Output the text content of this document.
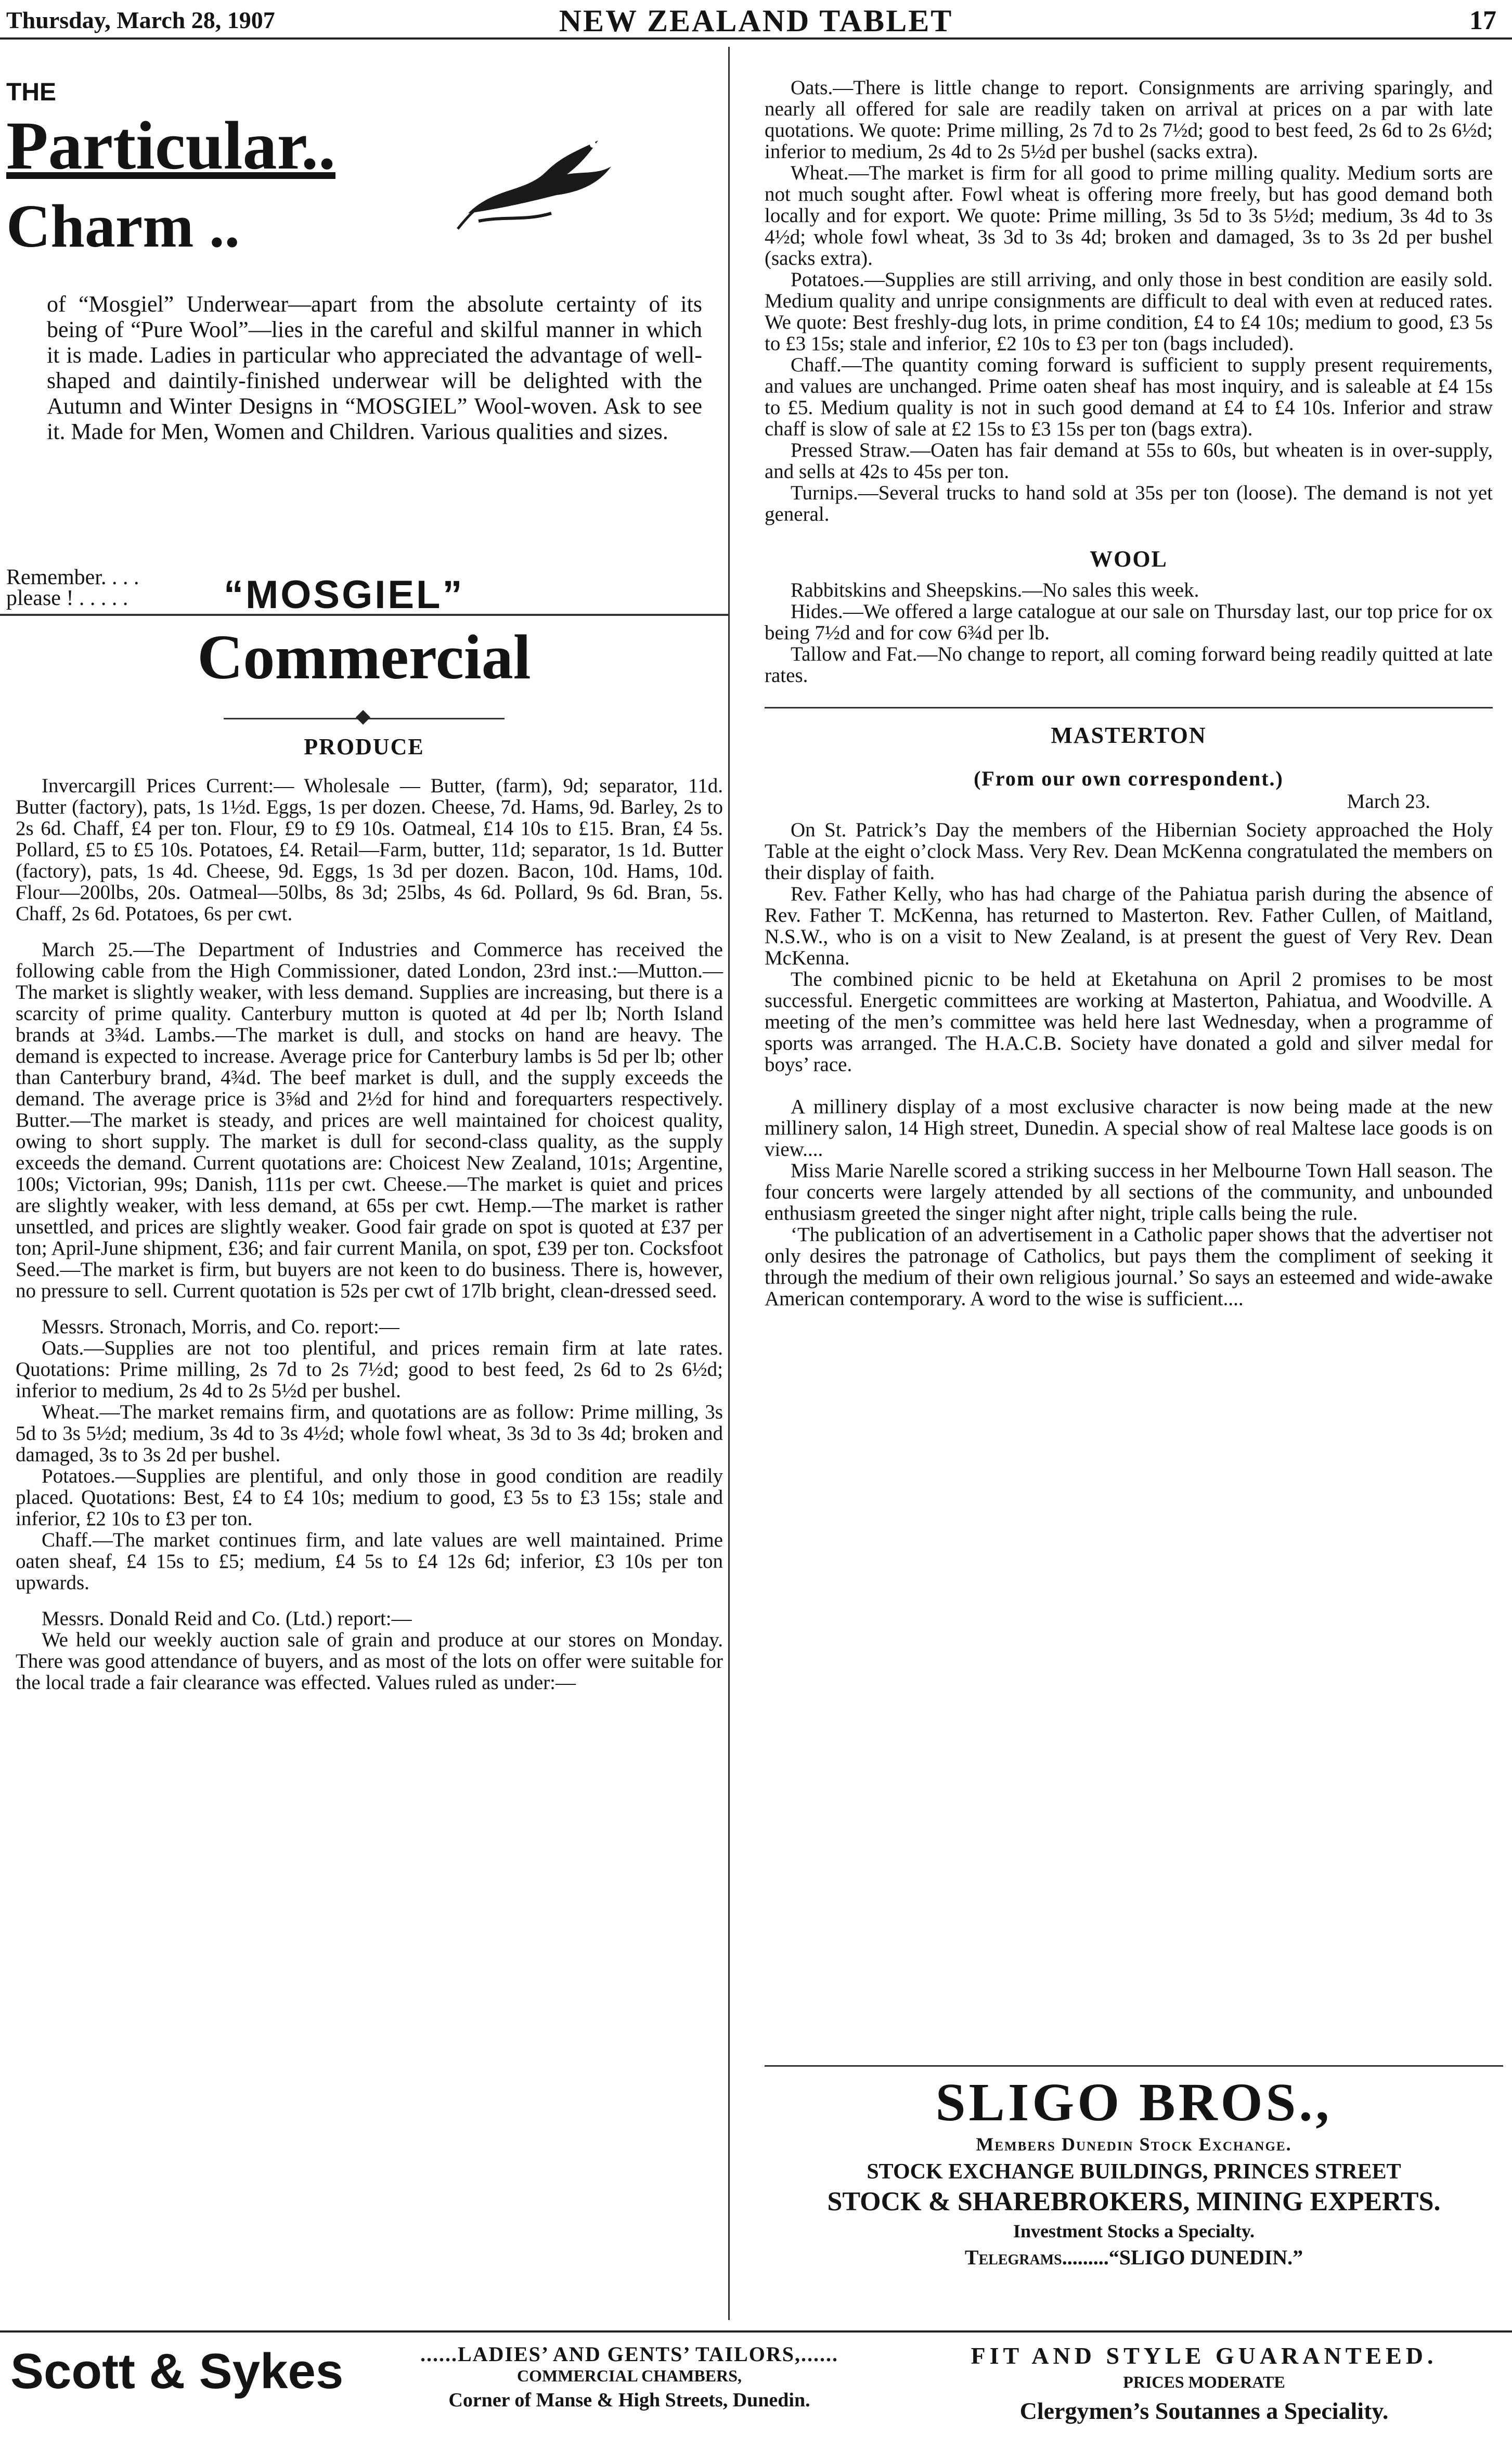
Thursday, March 28, 1907	NEW ZEALAND TABLET	17
THE
Particular..
Charm ..
of “Mosgiel” Underwear—apart from the absolute certainty of its being of “Pure Wool”—lies in the careful and skilful manner in which it is made. Ladies in particular who appreciated the advantage of well-shaped and daintily-finished underwear will be delighted with the Autumn and Winter Designs in “MOSGIEL” Wool-woven. Ask to see it. Made for Men, Women and Children. Various qualities and sizes.
Remember. . . .
please ! . . . . . “MOSGIEL”
Commercial
PRODUCE

Invercargill Prices Current:— Wholesale — Butter, (farm), 9d; separator, 11d. Butter (factory), pats, 1s 1½d. Eggs, 1s per dozen. Cheese, 7d. Hams, 9d. Barley, 2s to 2s 6d. Chaff, £4 per ton. Flour, £9 to £9 10s. Oatmeal, £14 10s to £15. Bran, £4 5s. Pollard, £5 to £5 10s. Potatoes, £4. Retail—Farm, butter, 11d; separator, 1s 1d. Butter (factory), pats, 1s 4d. Cheese, 9d. Eggs, 1s 3d per dozen. Bacon, 10d. Hams, 10d. Flour—200lbs, 20s. Oatmeal—50lbs, 8s 3d; 25lbs, 4s 6d. Pollard, 9s 6d. Bran, 5s. Chaff, 2s 6d. Potatoes, 6s per cwt.

March 25.—The Department of Industries and Commerce has received the following cable from the High Commissioner, dated London, 23rd inst.:—Mutton.—The market is slightly weaker, with less demand. Supplies are increasing, but there is a scarcity of prime quality. Canterbury mutton is quoted at 4d per lb; North Island brands at 3¾d. Lambs.—The market is dull, and stocks on hand are heavy. The demand is expected to increase. Average price for Canterbury lambs is 5d per lb; other than Canterbury brand, 4¾d. The beef market is dull, and the supply exceeds the demand. The average price is 3⅝d and 2½d for hind and forequarters respectively. Butter.—The market is steady, and prices are well maintained for choicest quality, owing to short supply. The market is dull for second-class quality, as the supply exceeds the demand. Current quotations are: Choicest New Zealand, 101s; Argentine, 100s; Victorian, 99s; Danish, 111s per cwt. Cheese.—The market is quiet and prices are slightly weaker, with less demand, at 65s per cwt. Hemp.—The market is rather unsettled, and prices are slightly weaker. Good fair grade on spot is quoted at £37 per ton; April-June shipment, £36; and fair current Manila, on spot, £39 per ton. Cocksfoot Seed.—The market is firm, but buyers are not keen to do business. There is, however, no pressure to sell. Current quotation is 52s per cwt of 17lb bright, clean-dressed seed.

Messrs. Stronach, Morris, and Co. report:—

Oats.—Supplies are not too plentiful, and prices remain firm at late rates. Quotations: Prime milling, 2s 7d to 2s 7½d; good to best feed, 2s 6d to 2s 6½d; inferior to medium, 2s 4d to 2s 5½d per bushel.

Wheat.—The market remains firm, and quotations are as follow: Prime milling, 3s 5d to 3s 5½d; medium, 3s 4d to 3s 4½d; whole fowl wheat, 3s 3d to 3s 4d; broken and damaged, 3s to 3s 2d per bushel.

Potatoes.—Supplies are plentiful, and only those in good condition are readily placed. Quotations: Best, £4 to £4 10s; medium to good, £3 5s to £3 15s; stale and inferior, £2 10s to £3 per ton.

Chaff.—The market continues firm, and late values are well maintained. Prime oaten sheaf, £4 15s to £5; medium, £4 5s to £4 12s 6d; inferior, £3 10s per ton upwards.

Messrs. Donald Reid and Co. (Ltd.) report:—

We held our weekly auction sale of grain and produce at our stores on Monday. There was good attendance of buyers, and as most of the lots on offer were suitable for the local trade a fair clearance was effected. Values ruled as under:—

Oats.—There is little change to report. Consignments are arriving sparingly, and nearly all offered for sale are readily taken on arrival at prices on a par with late quotations. We quote: Prime milling, 2s 7d to 2s 7½d; good to best feed, 2s 6d to 2s 6½d; inferior to medium, 2s 4d to 2s 5½d per bushel (sacks extra).

Wheat.—The market is firm for all good to prime milling quality. Medium sorts are not much sought after. Fowl wheat is offering more freely, but has good demand both locally and for export. We quote: Prime milling, 3s 5d to 3s 5½d; medium, 3s 4d to 3s 4½d; whole fowl wheat, 3s 3d to 3s 4d; broken and damaged, 3s to 3s 2d per bushel (sacks extra).

Potatoes.—Supplies are still arriving, and only those in best condition are easily sold. Medium quality and unripe consignments are difficult to deal with even at reduced rates. We quote: Best freshly-dug lots, in prime condition, £4 to £4 10s; medium to good, £3 5s to £3 15s; stale and inferior, £2 10s to £3 per ton (bags included).

Chaff.—The quantity coming forward is sufficient to supply present requirements, and values are unchanged. Prime oaten sheaf has most inquiry, and is saleable at £4 15s to £5. Medium quality is not in such good demand at £4 to £4 10s. Inferior and straw chaff is slow of sale at £2 15s to £3 15s per ton (bags extra).

Pressed Straw.—Oaten has fair demand at 55s to 60s, but wheaten is in over-supply, and sells at 42s to 45s per ton.

Turnips.—Several trucks to hand sold at 35s per ton (loose). The demand is not yet general.

WOOL

Rabbitskins and Sheepskins.—No sales this week.

Hides.—We offered a large catalogue at our sale on Thursday last, our top price for ox being 7½d and for cow 6¾d per lb.

Tallow and Fat.—No change to report, all coming forward being readily quitted at late rates.

MASTERTON
(From our own correspondent.)
March 23.

On St. Patrick’s Day the members of the Hibernian Society approached the Holy Table at the eight o’clock Mass. Very Rev. Dean McKenna congratulated the members on their display of faith.

Rev. Father Kelly, who has had charge of the Pahiatua parish during the absence of Rev. Father T. McKenna, has returned to Masterton. Rev. Father Cullen, of Maitland, N.S.W., who is on a visit to New Zealand, is at present the guest of Very Rev. Dean McKenna.

The combined picnic to be held at Eketahuna on April 2 promises to be most successful. Energetic committees are working at Masterton, Pahiatua, and Woodville. A meeting of the men’s committee was held here last Wednesday, when a programme of sports was arranged. The H.A.C.B. Society have donated a gold and silver medal for boys’ race.

A millinery display of a most exclusive character is now being made at the new millinery salon, 14 High street, Dunedin. A special show of real Maltese lace goods is on view....

Miss Marie Narelle scored a striking success in her Melbourne Town Hall season. The four concerts were largely attended by all sections of the community, and unbounded enthusiasm greeted the singer night after night, triple calls being the rule.

‘The publication of an advertisement in a Catholic paper shows that the advertiser not only desires the patronage of Catholics, but pays them the compliment of seeking it through the medium of their own religious journal.’ So says an esteemed and wide-awake American contemporary. A word to the wise is sufficient....

SLIGO BROS.,
Members Dunedin Stock Exchange.
STOCK EXCHANGE BUILDINGS, PRINCES STREET
STOCK & SHAREBROKERS, MINING EXPERTS.
Investment Stocks a Specialty.
Telegrams.........“SLIGO DUNEDIN.”
Scott & Sykes	......LADIES’ AND GENTS’ TAILORS,......
COMMERCIAL CHAMBERS,
Corner of Manse & High Streets, Dunedin.
FIT AND STYLE GUARANTEED.
PRICES MODERATE
Clergymen’s Soutannes a Speciality.
